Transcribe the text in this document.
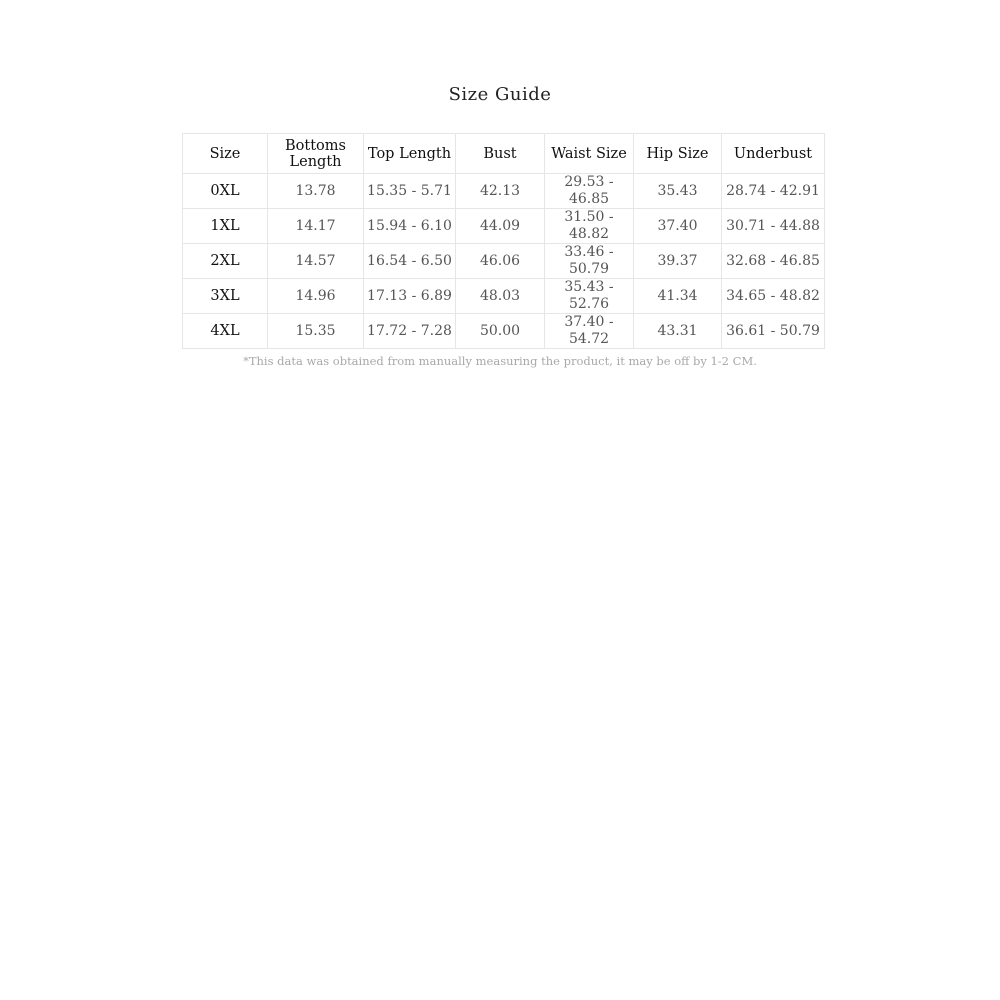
Size Guide
Size	Bottoms Length	Top Length	Bust	Waist Size	Hip Size	Underbust
0XL	13.78	15.35 - 5.71	42.13	29.53 - 46.85	35.43	28.74 - 42.91
1XL	14.17	15.94 - 6.10	44.09	31.50 - 48.82	37.40	30.71 - 44.88
2XL	14.57	16.54 - 6.50	46.06	33.46 - 50.79	39.37	32.68 - 46.85
3XL	14.96	17.13 - 6.89	48.03	35.43 - 52.76	41.34	34.65 - 48.82
4XL	15.35	17.72 - 7.28	50.00	37.40 - 54.72	43.31	36.61 - 50.79
*This data was obtained from manually measuring the product, it may be off by 1-2 CM.
